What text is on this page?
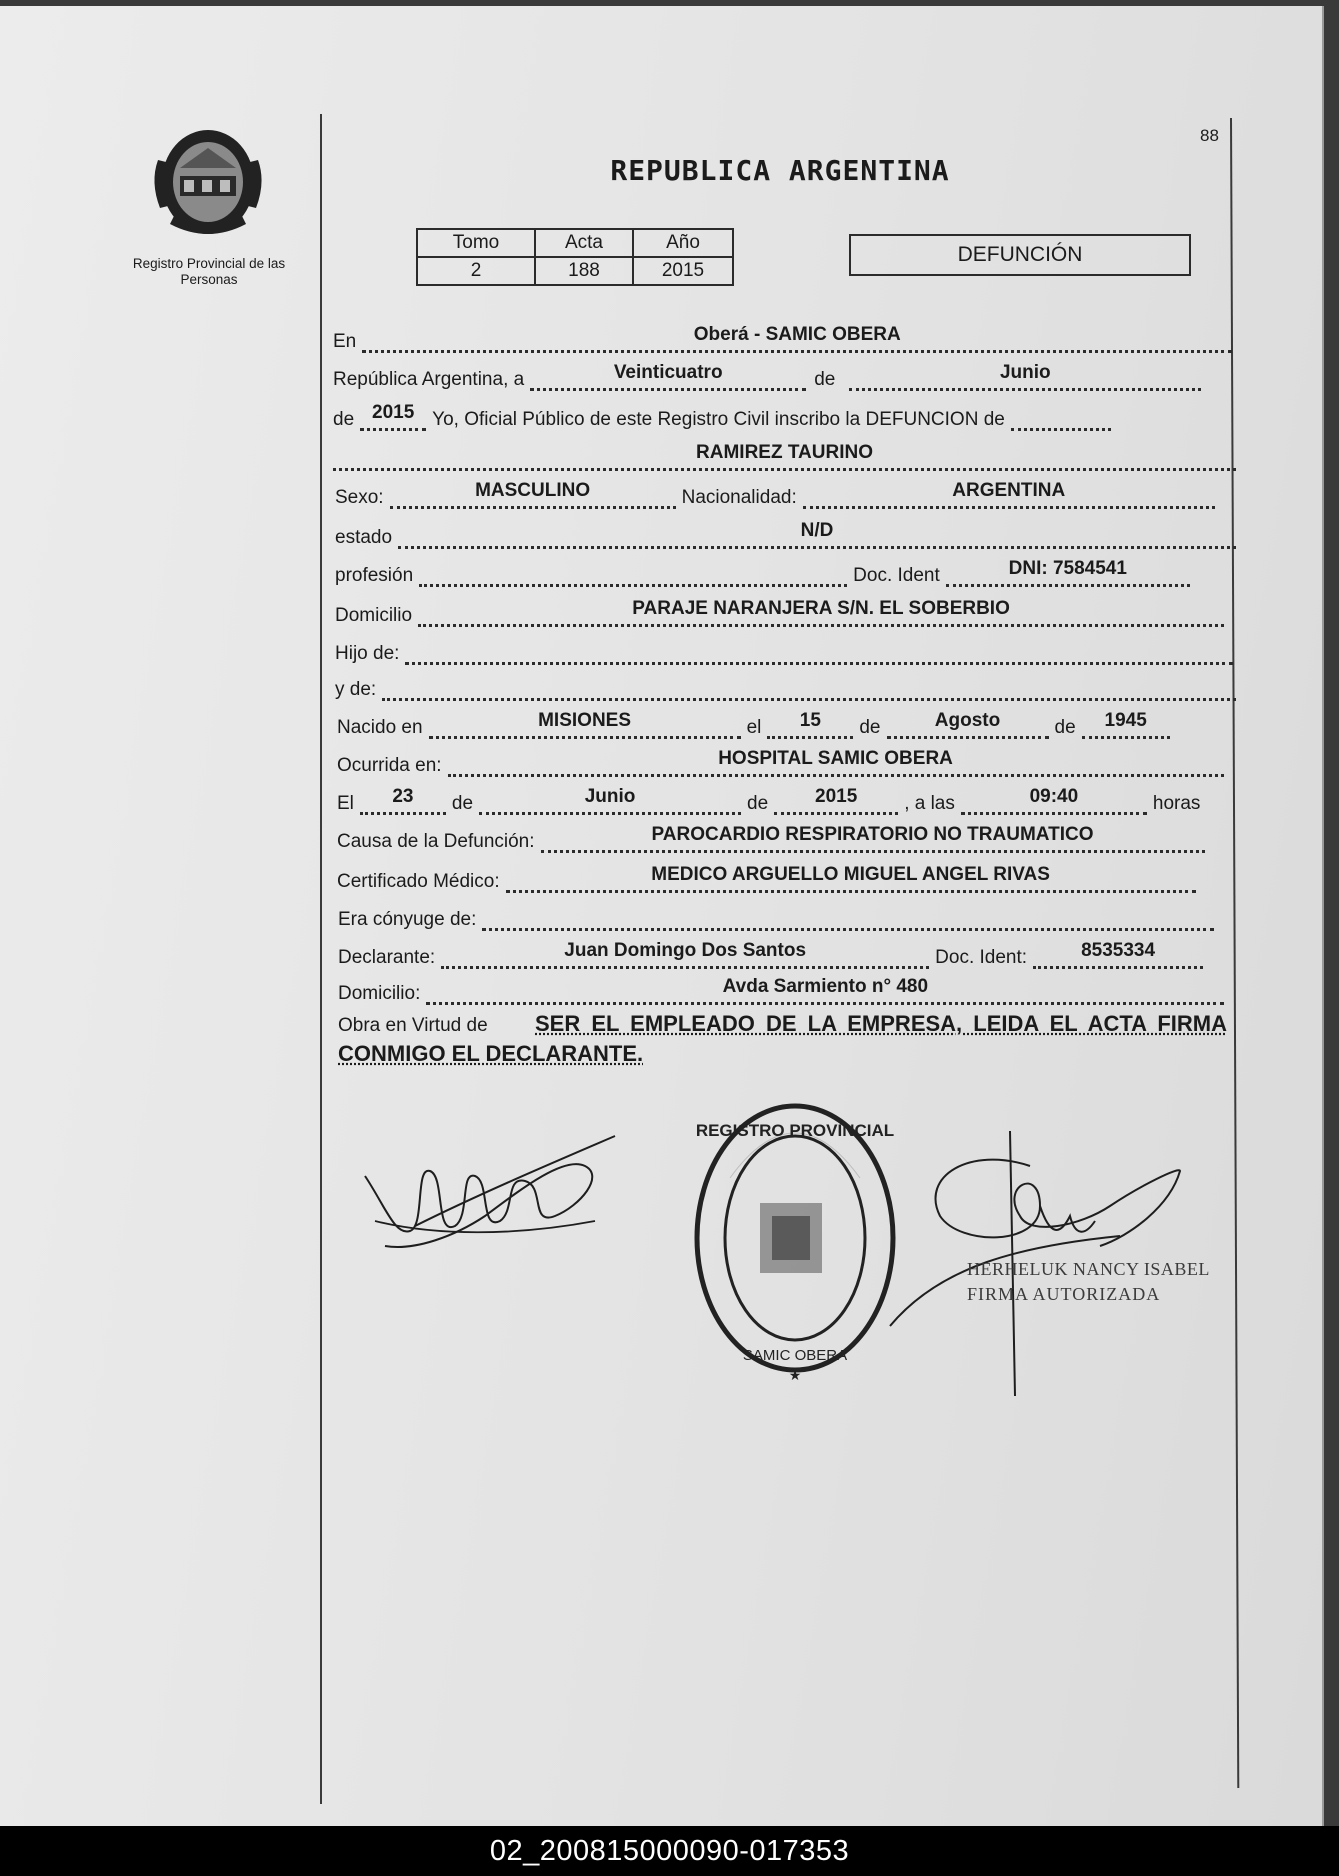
Registro Provincial de las Personas
88
REPUBLICA ARGENTINA
Tomo	Acta	Año
2	188	2015
DEFUNCIÓN
En	Oberá - SAMIC OBERA
República Argentina, a	Veinticuatro	de	Junio
de 2015 Yo, Oficial Público de este Registro Civil inscribo la DEFUNCION de
RAMIREZ TAURINO
Sexo:	MASCULINO	Nacionalidad:	ARGENTINA
estado	N/D
profesión	Doc. Ident	DNI: 7584541
Domicilio	PARAJE NARANJERA S/N. EL SOBERBIO
Hijo de:
y de:
Nacido en	MISIONES	el	15	de	Agosto	de	1945
Ocurrida en:	HOSPITAL SAMIC OBERA
El	23	de	Junio	de	2015	, a las	09:40	horas
Causa de la Defunción:	PAROCARDIO RESPIRATORIO NO TRAUMATICO
Certificado Médico:	MEDICO ARGUELLO MIGUEL ANGEL RIVAS
Era cónyuge de:
Declarante:	Juan Domingo Dos Santos	Doc. Ident:	8535334
Domicilio:	Avda Sarmiento n° 480
Obra en Virtud de SER EL EMPLEADO DE LA EMPRESA, LEIDA EL ACTA FIRMA
CONMIGO EL DECLARANTE.
REGISTRO PROVINCIAL
SAMIC OBERA
★
HERHELUK NANCY ISABEL
FIRMA AUTORIZADA
02_200815000090-017353
